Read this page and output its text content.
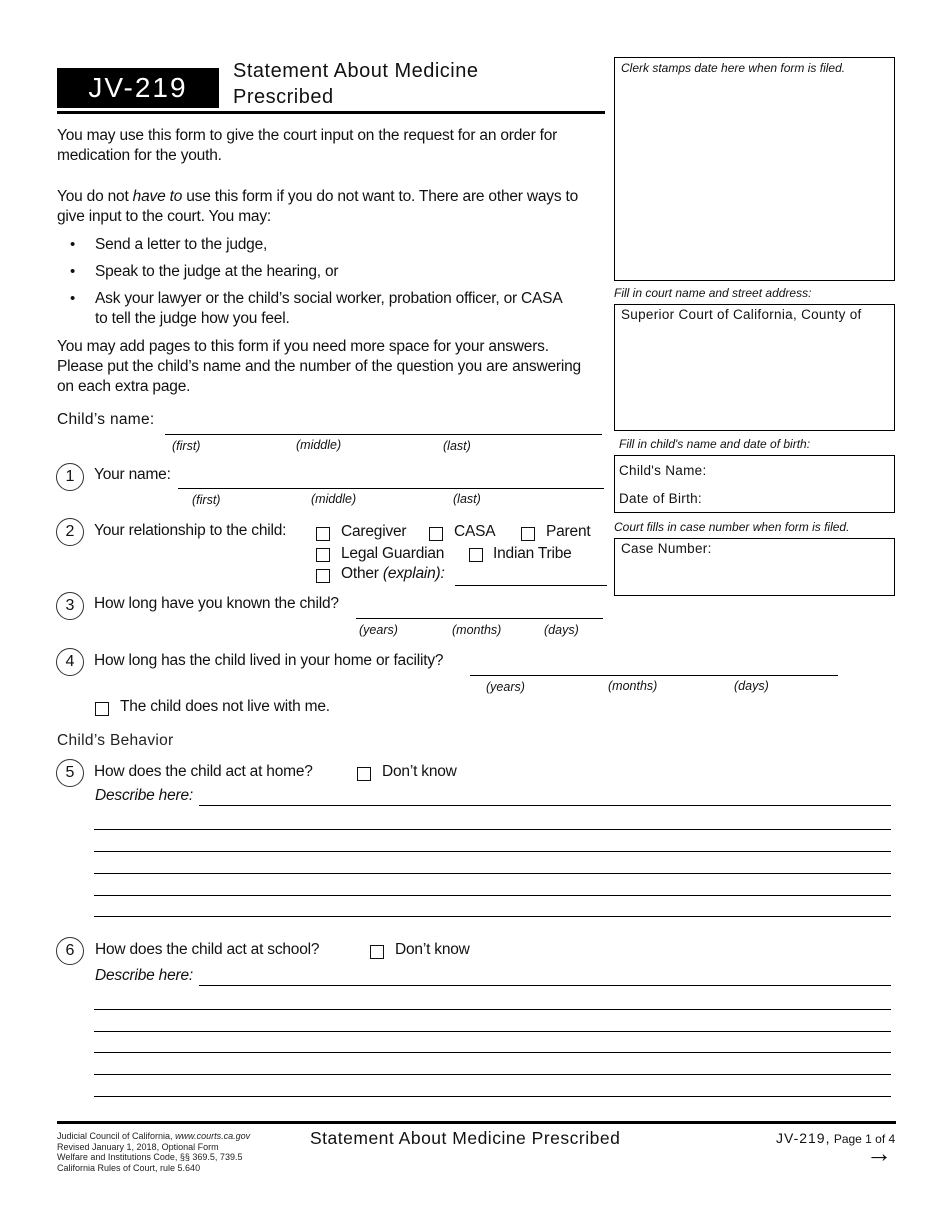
JV-219
Statement About Medicine
Prescribed
You may use this form to give the court input on the request for an order for
medication for the youth.
You do not have to use this form if you do not want to. There are other ways to
give input to the court. You may:
• Send a letter to the judge,
• Speak to the judge at the hearing, or
• Ask your lawyer or the child’s social worker, probation officer, or CASA
to tell the judge how you feel.
You may add pages to this form if you need more space for your answers.
Please put the child’s name and the number of the question you are answering
on each extra page.
Child’s name:
(first)	(middle)	(last)
1	Your name:
(first)	(middle)	(last)
2	Your relationship to the child:	Caregiver	CASA	Parent
Legal Guardian	Indian Tribe
Other (explain):
3	How long have you known the child?
(years)	(months)	(days)
4	How long has the child lived in your home or facility?
(years)	(months)	(days)
The child does not live with me.
Child’s Behavior
5	How does the child act at home?	Don’t know
Describe here:
6	How does the child act at school?	Don’t know
Describe here:
Clerk stamps date here when form is filed.
Fill in court name and street address:
Superior Court of California, County of
Fill in child's name and date of birth:
Child's Name:
Date of Birth:
Court fills in case number when form is filed.
Case Number:
Judicial Council of California, www.courts.ca.gov
Revised January 1, 2018, Optional Form
Welfare and Institutions Code, §§ 369.5, 739.5
California Rules of Court, rule 5.640
Statement About Medicine Prescribed	JV-219, Page 1 of 4
→
